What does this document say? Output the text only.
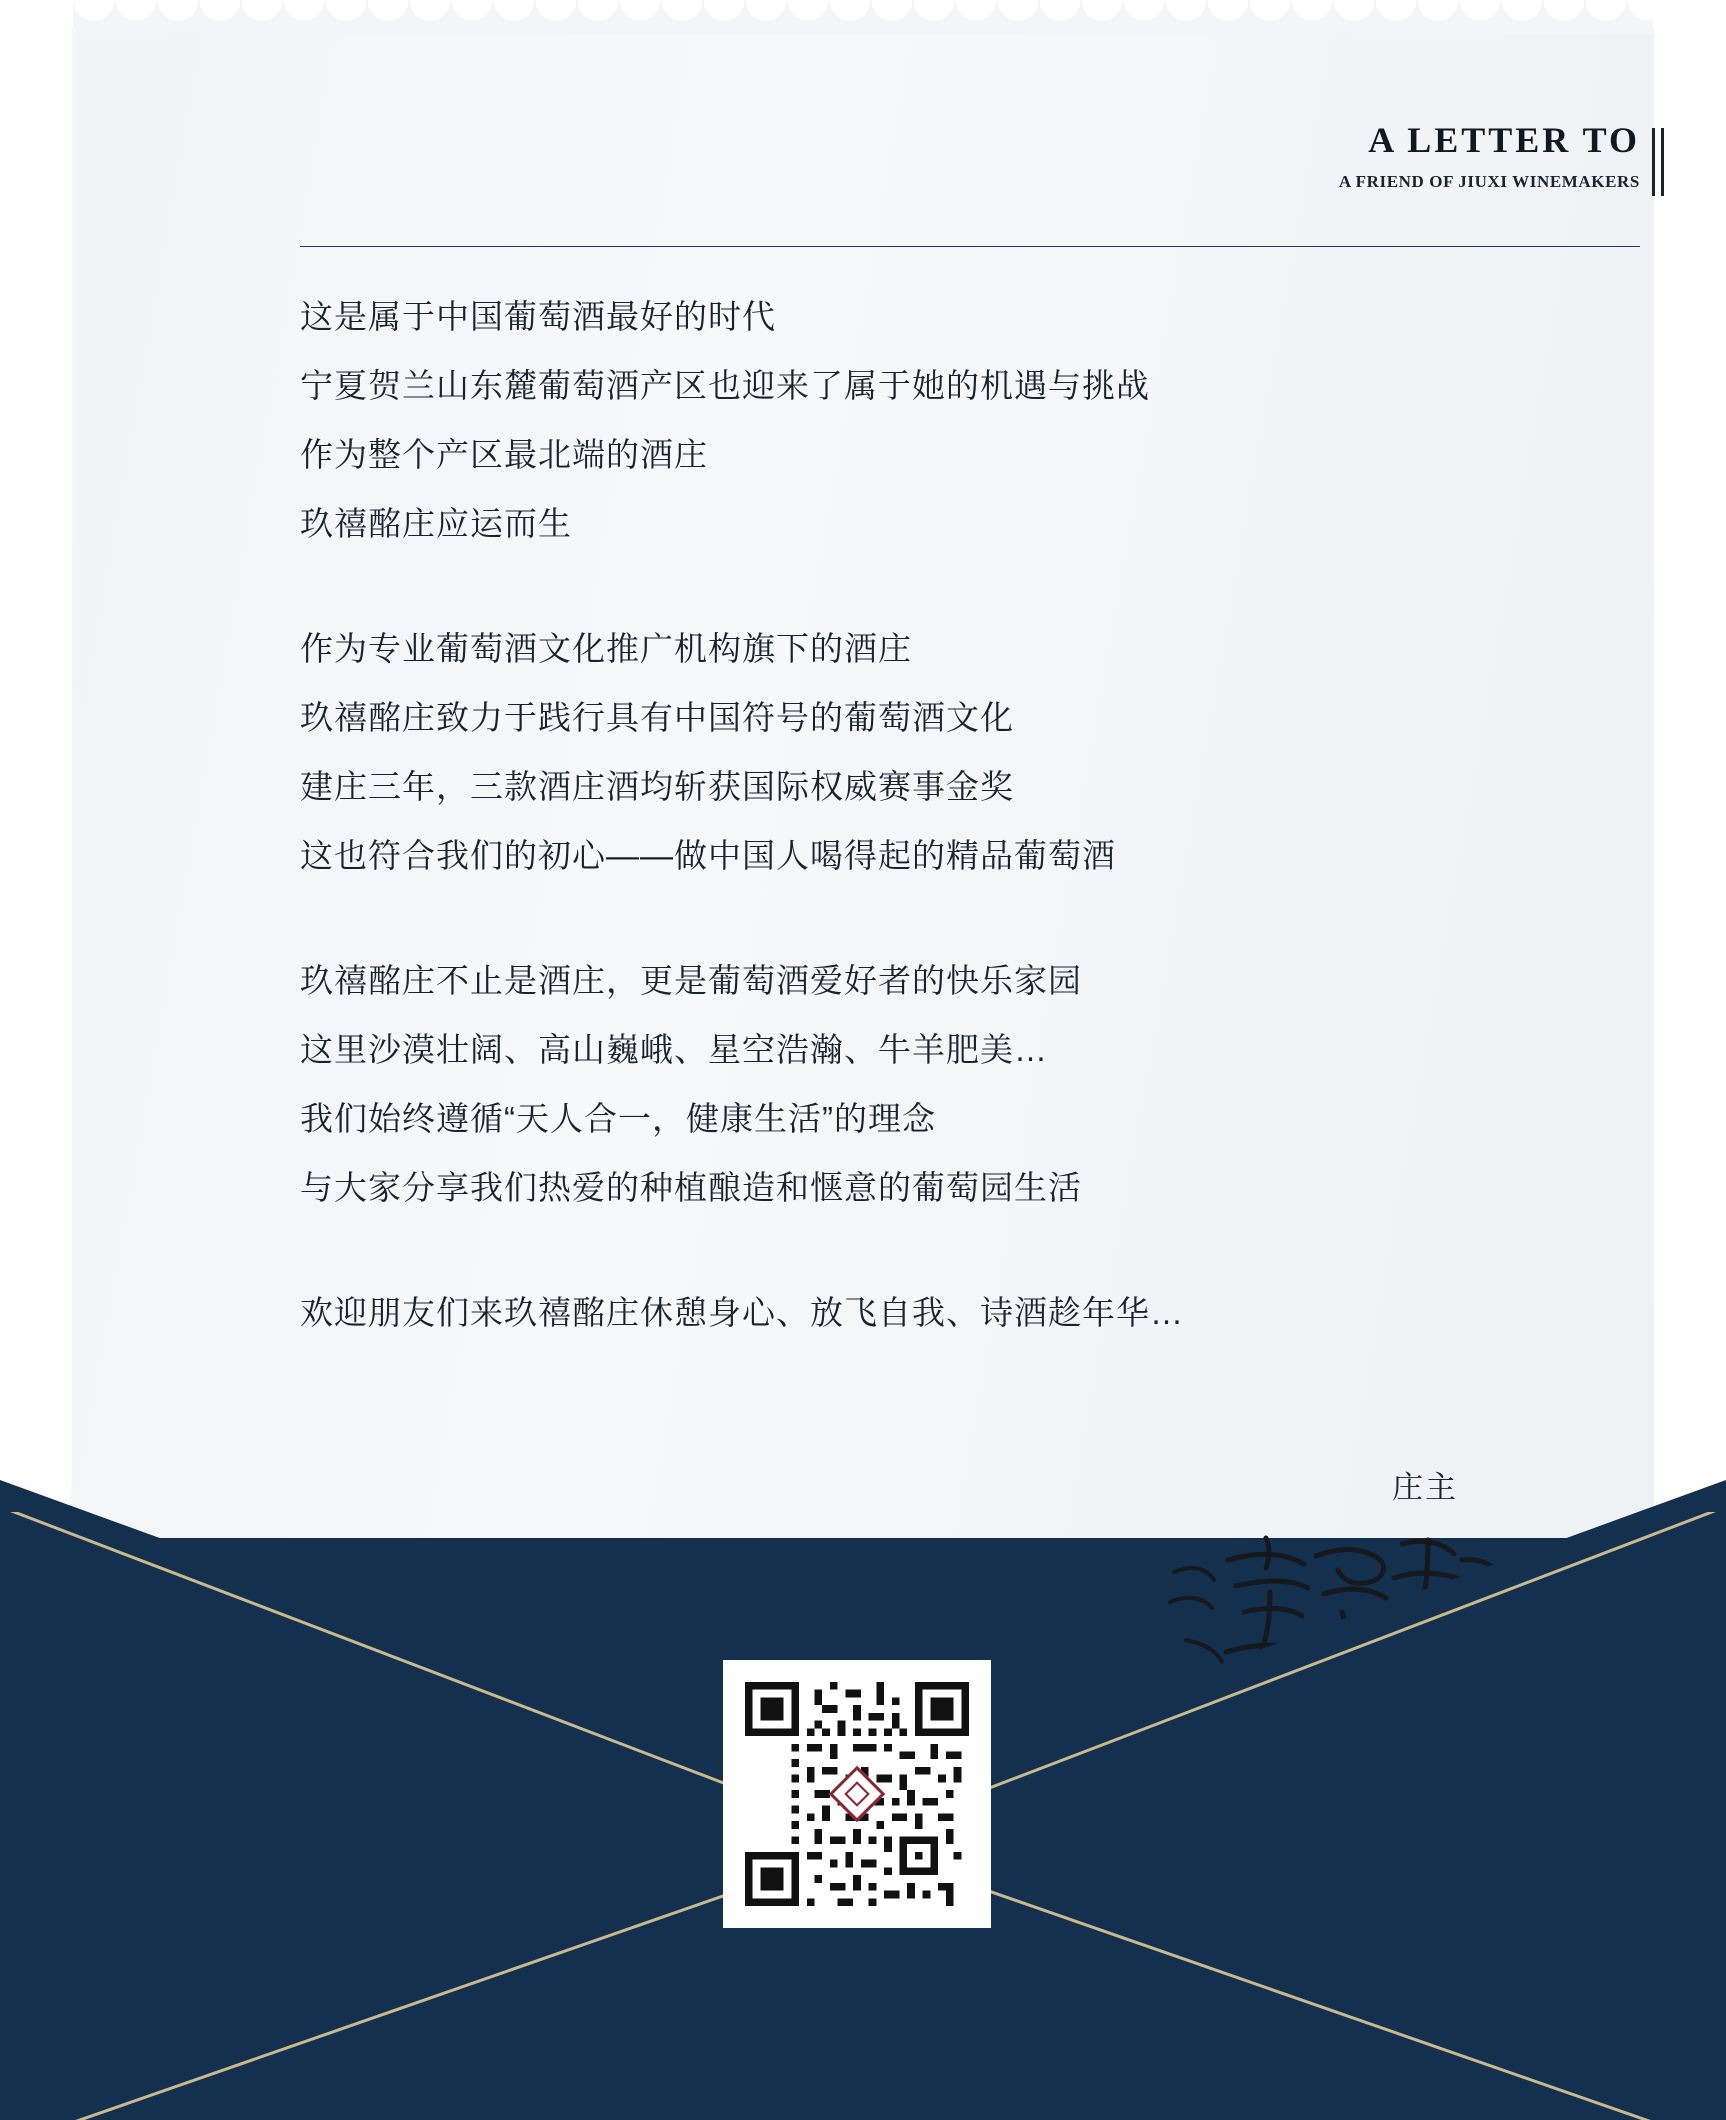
A LETTER TO
A FRIEND OF JIUXI WINEMAKERS
这是属于中国葡萄酒最好的时代
宁夏贺兰山东麓葡萄酒产区也迎来了属于她的机遇与挑战
作为整个产区最北端的酒庄
玖禧酩庄应运而生
作为专业葡萄酒文化推广机构旗下的酒庄
玖禧酩庄致力于践行具有中国符号的葡萄酒文化
建庄三年，三款酒庄酒均斩获国际权威赛事金奖
这也符合我们的初心——做中国人喝得起的精品葡萄酒
玖禧酩庄不止是酒庄，更是葡萄酒爱好者的快乐家园
这里沙漠壮阔、高山巍峨、星空浩瀚、牛羊肥美…
我们始终遵循“天人合一，健康生活”的理念
与大家分享我们热爱的种植酿造和惬意的葡萄园生活
欢迎朋友们来玖禧酩庄休憩身心、放飞自我、诗酒趁年华…
庄主
